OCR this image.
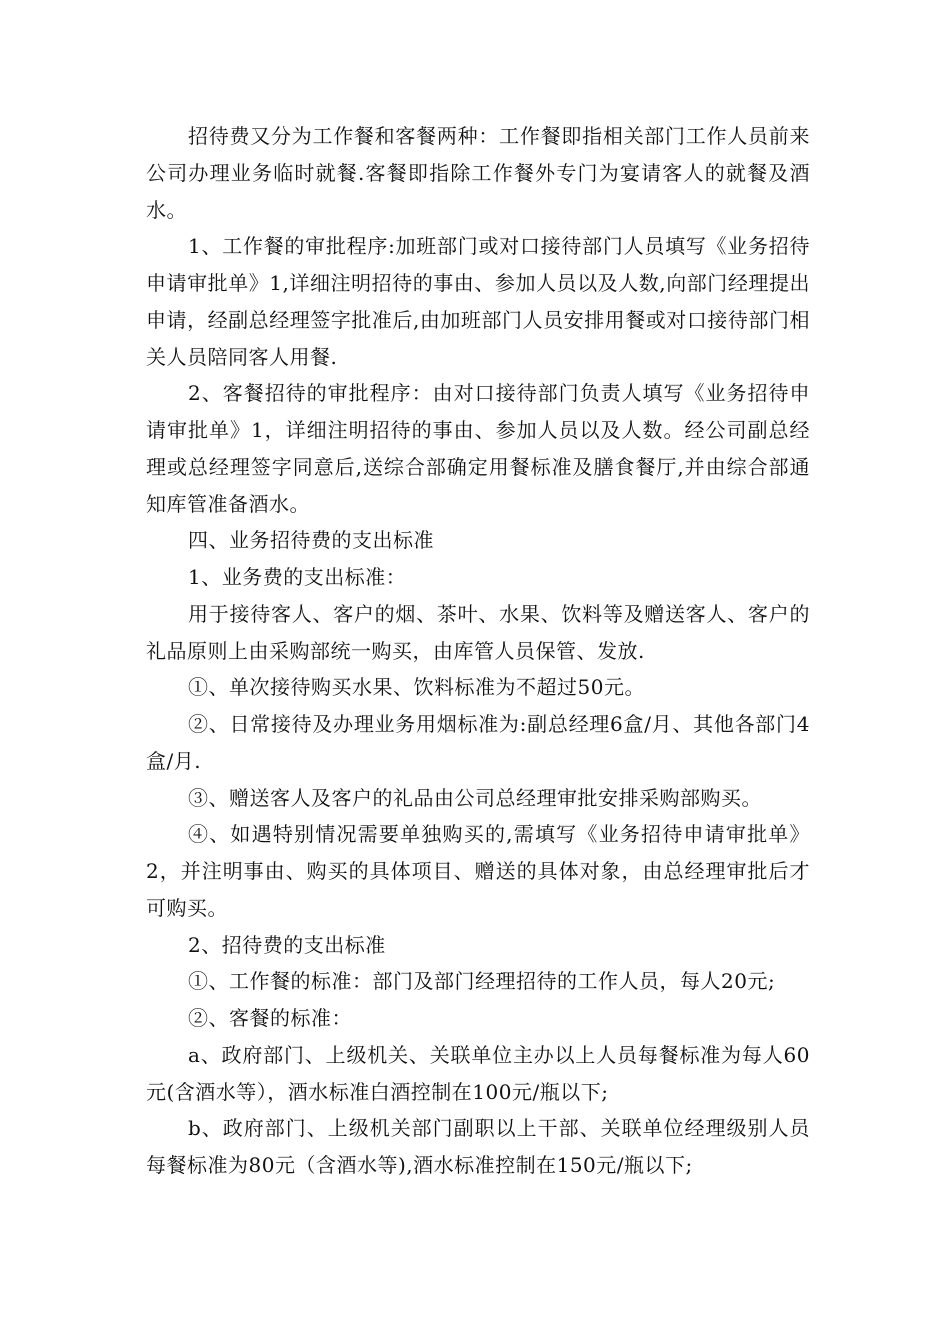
招待费又分为工作餐和客餐两种：工作餐即指相关部门工作人员前来公司办理业务临时就餐.客餐即指除工作餐外专门为宴请客人的就餐及酒水。

1、工作餐的审批程序:加班部门或对口接待部门人员填写《业务招待申请审批单》1,详细注明招待的事由、参加人员以及人数,向部门经理提出申请，经副总经理签字批准后,由加班部门人员安排用餐或对口接待部门相关人员陪同客人用餐.

2、客餐招待的审批程序：由对口接待部门负责人填写《业务招待申请审批单》1，详细注明招待的事由、参加人员以及人数。经公司副总经理或总经理签字同意后,送综合部确定用餐标准及膳食餐厅,并由综合部通知库管准备酒水。

四、业务招待费的支出标准

1、业务费的支出标准：

用于接待客人、客户的烟、茶叶、水果、饮料等及赠送客人、客户的礼品原则上由采购部统一购买，由库管人员保管、发放.

①、单次接待购买水果、饮料标准为不超过50元。

②、日常接待及办理业务用烟标准为:副总经理6盒/月、其他各部门4盒/月.

③、赠送客人及客户的礼品由公司总经理审批安排采购部购买。

④、如遇特别情况需要单独购买的,需填写《业务招待申请审批单》2，并注明事由、购买的具体项目、赠送的具体对象，由总经理审批后才可购买。

2、招待费的支出标准

①、工作餐的标准：部门及部门经理招待的工作人员，每人20元;

②、客餐的标准：

a、政府部门、上级机关、关联单位主办以上人员每餐标准为每人60元(含酒水等），酒水标准白酒控制在100元/瓶以下;

b、政府部门、上级机关部门副职以上干部、关联单位经理级别人员每餐标准为80元（含酒水等),酒水标准控制在150元/瓶以下;
